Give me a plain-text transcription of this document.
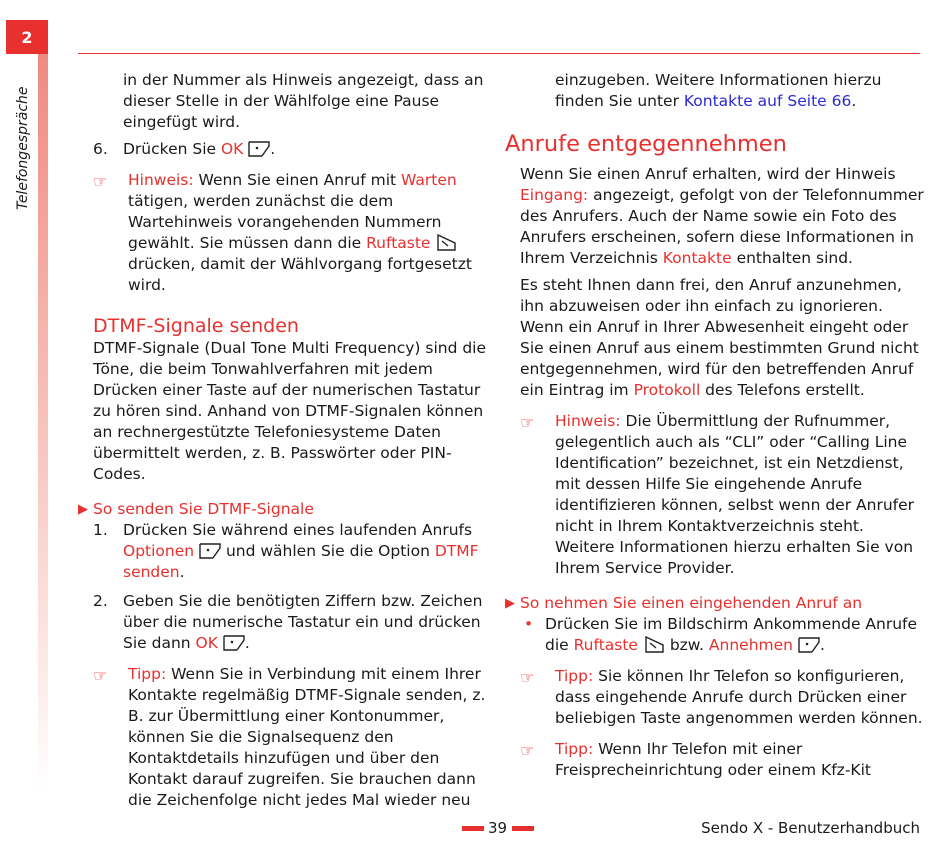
2
Telefongespräche

in der Nummer als Hinweis angezeigt, dass an dieser Stelle in der Wählfolge eine Pause eingefügt wird.

6. Drücken Sie OK .

☞ Hinweis: Wenn Sie einen Anruf mit Warten tätigen, werden zunächst die dem Wartehinweis vorangehenden Nummern gewählt. Sie müssen dann die Ruftaste  drücken, damit der Wählvorgang fortgesetzt wird.

DTMF-Signale senden

DTMF-Signale (Dual Tone Multi Frequency) sind die Töne, die beim Tonwahlverfahren mit jedem Drücken einer Taste auf der numerischen Tastatur zu hören sind. Anhand von DTMF-Signalen können an rechnergestützte Telefoniesysteme Daten übermittelt werden, z. B. Passwörter oder PIN-Codes.

▶ So senden Sie DTMF-Signale

1. Drücken Sie während eines laufenden Anrufs Optionen  und wählen Sie die Option DTMF senden.

2. Geben Sie die benötigten Ziffern bzw. Zeichen über die numerische Tastatur ein und drücken Sie dann OK .

☞ Tipp: Wenn Sie in Verbindung mit einem Ihrer Kontakte regelmäßig DTMF-Signale senden, z. B. zur Übermittlung einer Kontonummer, können Sie die Signalsequenz den Kontaktdetails hinzufügen und über den Kontakt darauf zugreifen. Sie brauchen dann die Zeichenfolge nicht jedes Mal wieder neu

einzugeben. Weitere Informationen hierzu finden Sie unter Kontakte auf Seite 66.

Anrufe entgegennehmen

Wenn Sie einen Anruf erhalten, wird der Hinweis Eingang: angezeigt, gefolgt von der Telefonnummer des Anrufers. Auch der Name sowie ein Foto des Anrufers erscheinen, sofern diese Informationen in Ihrem Verzeichnis Kontakte enthalten sind.

Es steht Ihnen dann frei, den Anruf anzunehmen, ihn abzuweisen oder ihn einfach zu ignorieren. Wenn ein Anruf in Ihrer Abwesenheit eingeht oder Sie einen Anruf aus einem bestimmten Grund nicht entgegennehmen, wird für den betreffenden Anruf ein Eintrag im Protokoll des Telefons erstellt.

☞ Hinweis: Die Übermittlung der Rufnummer, gelegentlich auch als “CLI” oder “Calling Line Identification” bezeichnet, ist ein Netzdienst, mit dessen Hilfe Sie eingehende Anrufe identifizieren können, selbst wenn der Anrufer nicht in Ihrem Kontaktverzeichnis steht. Weitere Informationen hierzu erhalten Sie von Ihrem Service Provider.

▶ So nehmen Sie einen eingehenden Anruf an

• Drücken Sie im Bildschirm Ankommende Anrufe die Ruftaste  bzw. Annehmen .

☞ Tipp: Sie können Ihr Telefon so konfigurieren, dass eingehende Anrufe durch Drücken einer beliebigen Taste angenommen werden können.

☞ Tipp: Wenn Ihr Telefon mit einer Freisprecheinrichtung oder einem Kfz-Kit

39	Sendo X - Benutzerhandbuch
